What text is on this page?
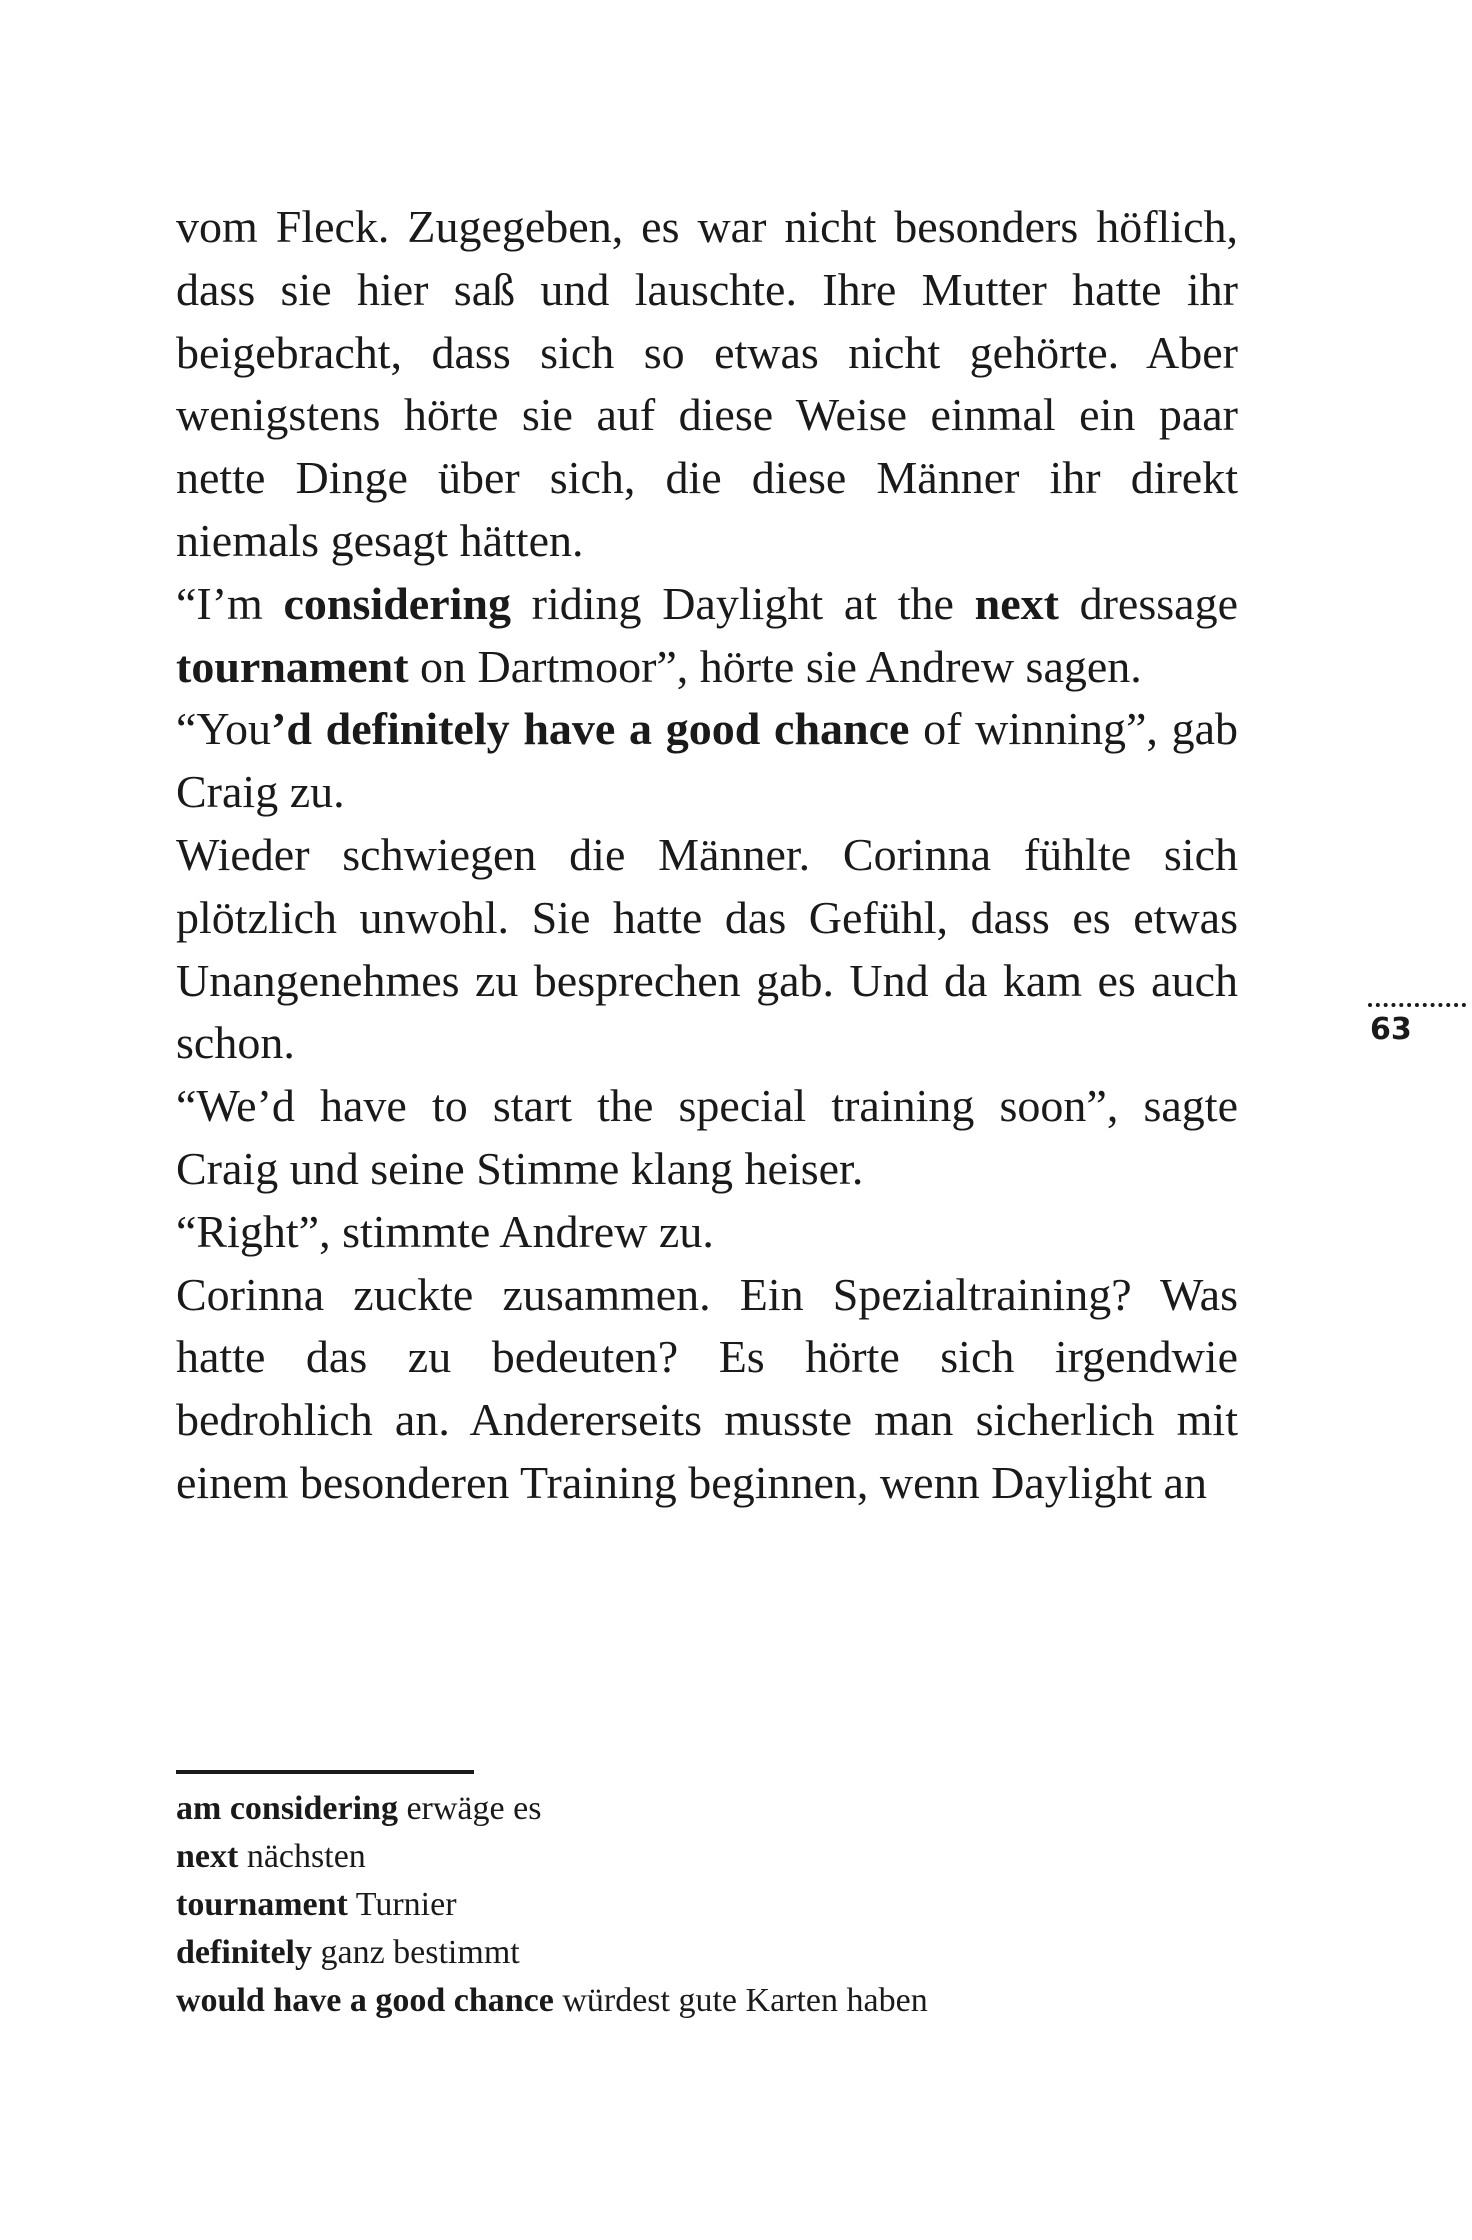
vom Fleck. Zugegeben, es war nicht besonders höflich, dass sie hier saß und lauschte. Ihre Mutter hatte ihr beigebracht, dass sich so etwas nicht gehörte. Aber wenigstens hörte sie auf diese Weise einmal ein paar nette Dinge über sich, die diese Männer ihr direkt niemals gesagt hätten.

“I’m considering riding Daylight at the next dressage tournament on Dartmoor”, hörte sie Andrew sagen.

“You’d definitely have a good chance of winning”, gab Craig zu.

Wieder schwiegen die Männer. Corinna fühlte sich plötzlich unwohl. Sie hatte das Gefühl, dass es etwas Unangenehmes zu besprechen gab. Und da kam es auch schon.

“We’d have to start the special training soon”, sagte Craig und seine Stimme klang heiser.

“Right”, stimmte Andrew zu.

Corinna zuckte zusammen. Ein Spezialtraining? Was hatte das zu bedeuten? Es hörte sich irgendwie bedrohlich an. Andererseits musste man sicherlich mit einem besonderen Training beginnen, wenn Daylight an

63

am considering erwäge es

next nächsten

tournament Turnier

definitely ganz bestimmt

would have a good chance würdest gute Karten haben
